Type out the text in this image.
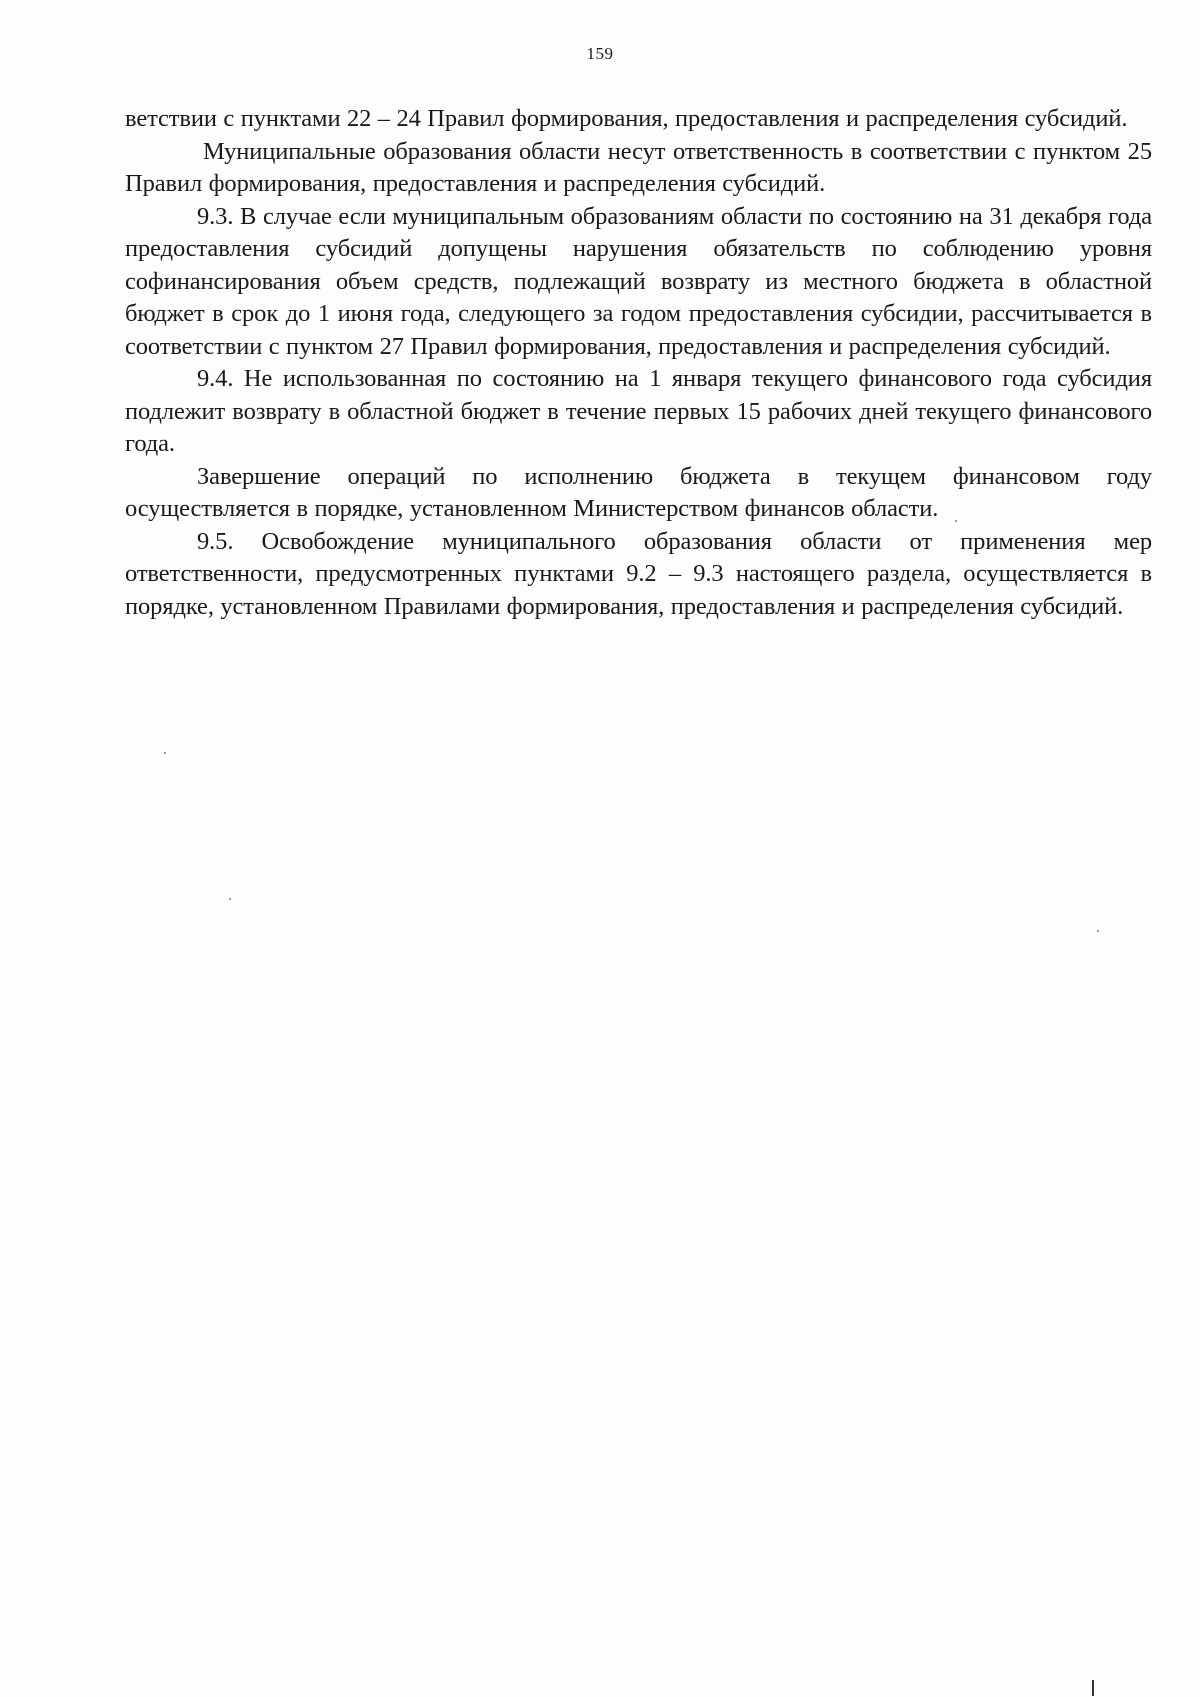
159

ветствии с пунктами 22 – 24 Правил формирования, предоставления и распределения субсидий.

Муниципальные образования области несут ответственность в соответствии с пунктом 25 Правил формирования, предоставления и распределения субсидий.

9.3. В случае если муниципальным образованиям области по состоянию на 31 декабря года предоставления субсидий допущены нарушения обязательств по соблюдению уровня софинансирования объем средств, подлежащий возврату из местного бюджета в областной бюджет в срок до 1 июня года, следующего за годом предоставления субсидии, рассчитывается в соответствии с пунктом 27 Правил формирования, предоставления и распределения субсидий.

9.4. Не использованная по состоянию на 1 января текущего финансового года субсидия подлежит возврату в областной бюджет в течение первых 15 рабочих дней текущего финансового года.

Завершение операций по исполнению бюджета в текущем финансовом году осуществляется в порядке, установленном Министерством финансов области.

9.5. Освобождение муниципального образования области от применения мер ответственности, предусмотренных пунктами 9.2 – 9.3 настоящего раздела, осуществляется в порядке, установленном Правилами формирования, предоставления и распределения субсидий.
